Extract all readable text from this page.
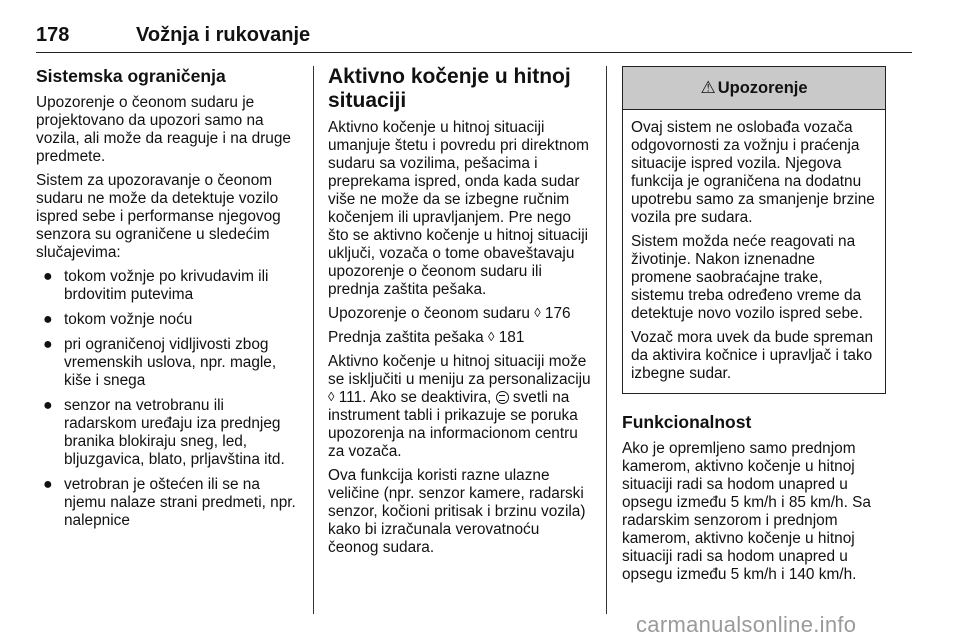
178	Vožnja i rukovanje
Sistemska ograničenja

Upozorenje o čeonom sudaru je projektovano da upozori samo na vozila, ali može da reaguje i na druge predmete.

Sistem za upozoravanje o čeonom sudaru ne može da detektuje vozilo ispred sebe i performanse njegovog senzora su ograničene u sledećim slučajevima:

● tokom vožnje po krivudavim ili brdovitim putevima
● tokom vožnje noću
● pri ograničenoj vidljivosti zbog vremenskih uslova, npr. magle, kiše i snega
● senzor na vetrobranu ili radarskom uređaju iza prednjeg branika blokiraju sneg, led, bljuzgavica, blato, prljavština itd.
● vetrobran je oštećen ili se na njemu nalaze strani predmeti, npr. nalepnice
Aktivno kočenje u hitnoj situaciji

Aktivno kočenje u hitnoj situaciji umanjuje štetu i povredu pri direktnom sudaru sa vozilima, pešacima i preprekama ispred, onda kada sudar više ne može da se izbegne ručnim kočenjem ili upravljanjem. Pre nego što se aktivno kočenje u hitnoj situaciji uključi, vozača o tome obaveštavaju upozorenje o čeonom sudaru ili prednja zaštita pešaka.

Upozorenje o čeonom sudaru ◊ 176

Prednja zaštita pešaka ◊ 181

Aktivno kočenje u hitnoj situaciji može se isključiti u meniju za personalizaciju ◊ 111. Ako se deaktivira, svetli na instrument tabli i prikazuje se poruka upozorenja na informacionom centru za vozača.

Ova funkcija koristi razne ulazne veličine (npr. senzor kamere, radarski senzor, kočioni pritisak i brzinu vozila) kako bi izračunala verovatnoću čeonog sudara.

⚠ Upozorenje

Ovaj sistem ne oslobađa vozača odgovornosti za vožnju i praćenja situacije ispred vozila. Njegova funkcija je ograničena na dodatnu upotrebu samo za smanjenje brzine vozila pre sudara.

Sistem možda neće reagovati na životinje. Nakon iznenadne promene saobraćajne trake, sistemu treba određeno vreme da detektuje novo vozilo ispred sebe.

Vozač mora uvek da bude spreman da aktivira kočnice i upravljač i tako izbegne sudar.

Funkcionalnost

Ako je opremljeno samo prednjom kamerom, aktivno kočenje u hitnoj situaciji radi sa hodom unapred u opsegu između 5 km/h i 85 km/h. Sa radarskim senzorom i prednjom kamerom, aktivno kočenje u hitnoj situaciji radi sa hodom unapred u opsegu između 5 km/h i 140 km/h.

carmanualsonline.info
